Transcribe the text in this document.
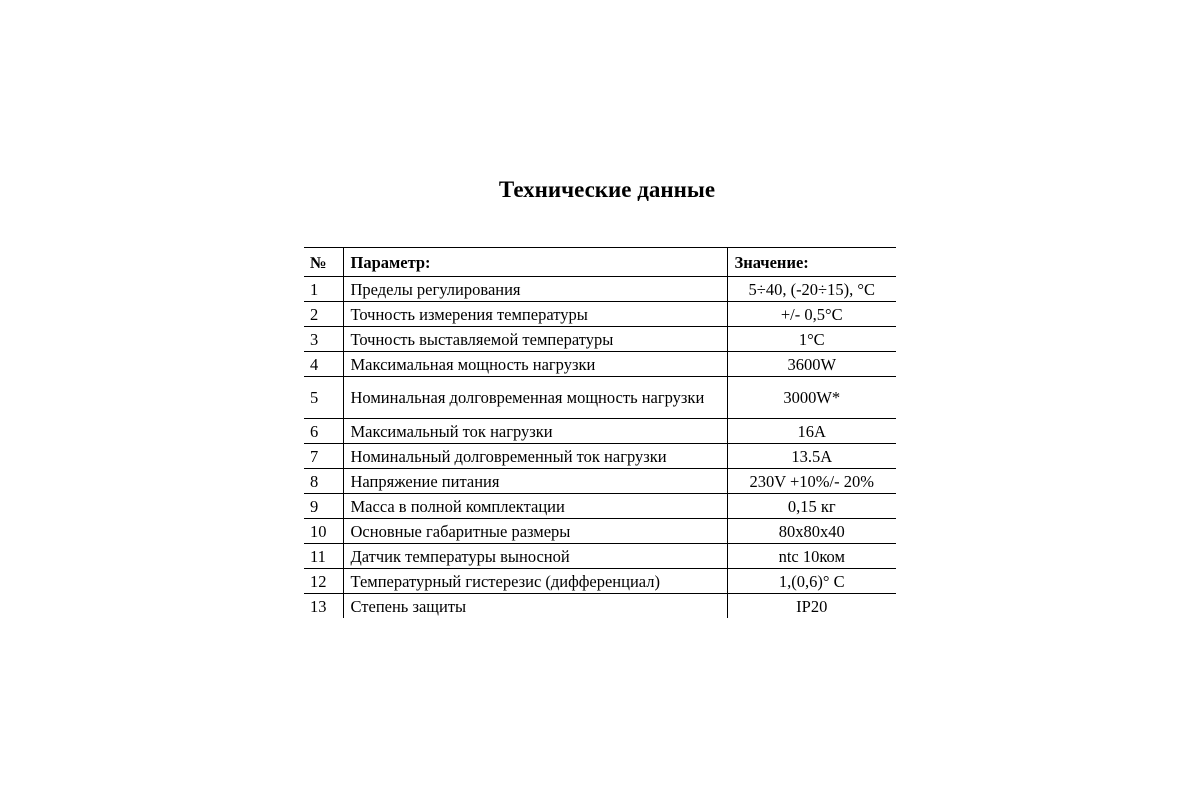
Технические данные
№	Параметр:	Значение:
1	Пределы регулирования	5÷40, (-20÷15), °C
2	Точность измерения температуры	+/- 0,5°C
3	Точность выставляемой температуры	1°C
4	Максимальная мощность нагрузки	3600W
5	Номинальная долговременная мощность нагрузки	3000W*
6	Максимальный ток нагрузки	16A
7	Номинальный долговременный ток нагрузки	13.5A
8	Напряжение питания	230V +10%/- 20%
9	Масса в полной комплектации	0,15 кг
10	Основные габаритные размеры	80x80x40
11	Датчик температуры выносной	ntc 10ком
12	Температурный гистерезис (дифференциал)	1,(0,6)° C
13	Степень защиты	IP20
